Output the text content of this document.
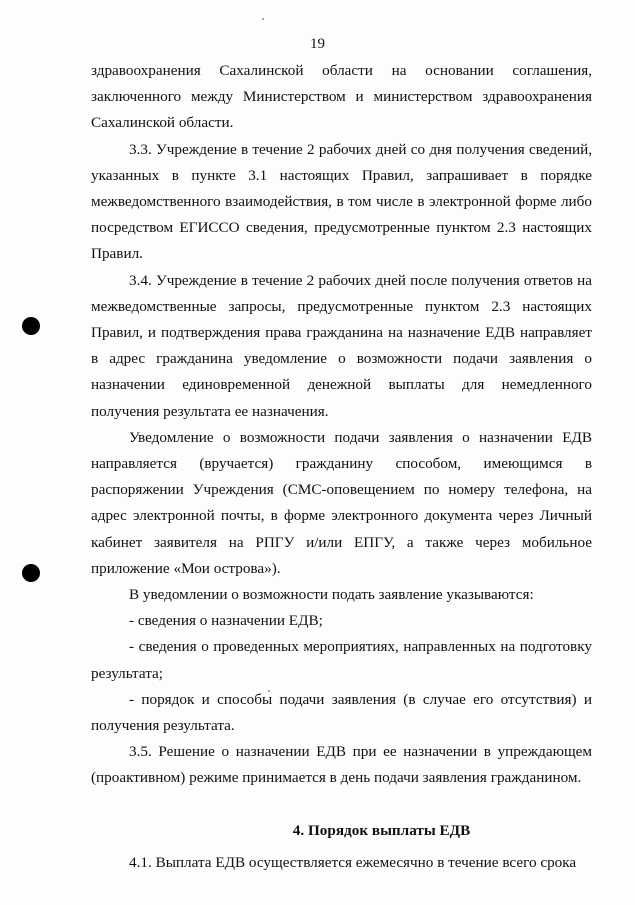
19

здравоохранения Сахалинской области на основании соглашения, заключенного между Министерством и министерством здравоохранения Сахалинской области.

3.3. Учреждение в течение 2 рабочих дней со дня получения сведений, указанных в пункте 3.1 настоящих Правил, запрашивает в порядке межведомственного взаимодействия, в том числе в электронной форме либо посредством ЕГИССО сведения, предусмотренные пунктом 2.3 настоящих Правил.

3.4. Учреждение в течение 2 рабочих дней после получения ответов на межведомственные запросы, предусмотренные пунктом 2.3 настоящих Правил, и подтверждения права гражданина на назначение ЕДВ направляет в адрес гражданина уведомление о возможности подачи заявления о назначении единовременной денежной выплаты для немедленного получения результата ее назначения.

Уведомление о возможности подачи заявления о назначении ЕДВ направляется (вручается) гражданину способом, имеющимся в распоряжении Учреждения (СМС-оповещением по номеру телефона, на адрес электронной почты, в форме электронного документа через Личный кабинет заявителя на РПГУ и/или ЕПГУ, а также через мобильное приложение «Мои острова»).

В уведомлении о возможности подать заявление указываются:

- сведения о назначении ЕДВ;

- сведения о проведенных мероприятиях, направленных на подготовку результата;

- порядок и способы подачи заявления (в случае его отсутствия) и получения результата.

3.5. Решение о назначении ЕДВ при ее назначении в упреждающем (проактивном) режиме принимается в день подачи заявления гражданином.

4. Порядок выплаты ЕДВ

4.1. Выплата ЕДВ осуществляется ежемесячно в течение всего срока
